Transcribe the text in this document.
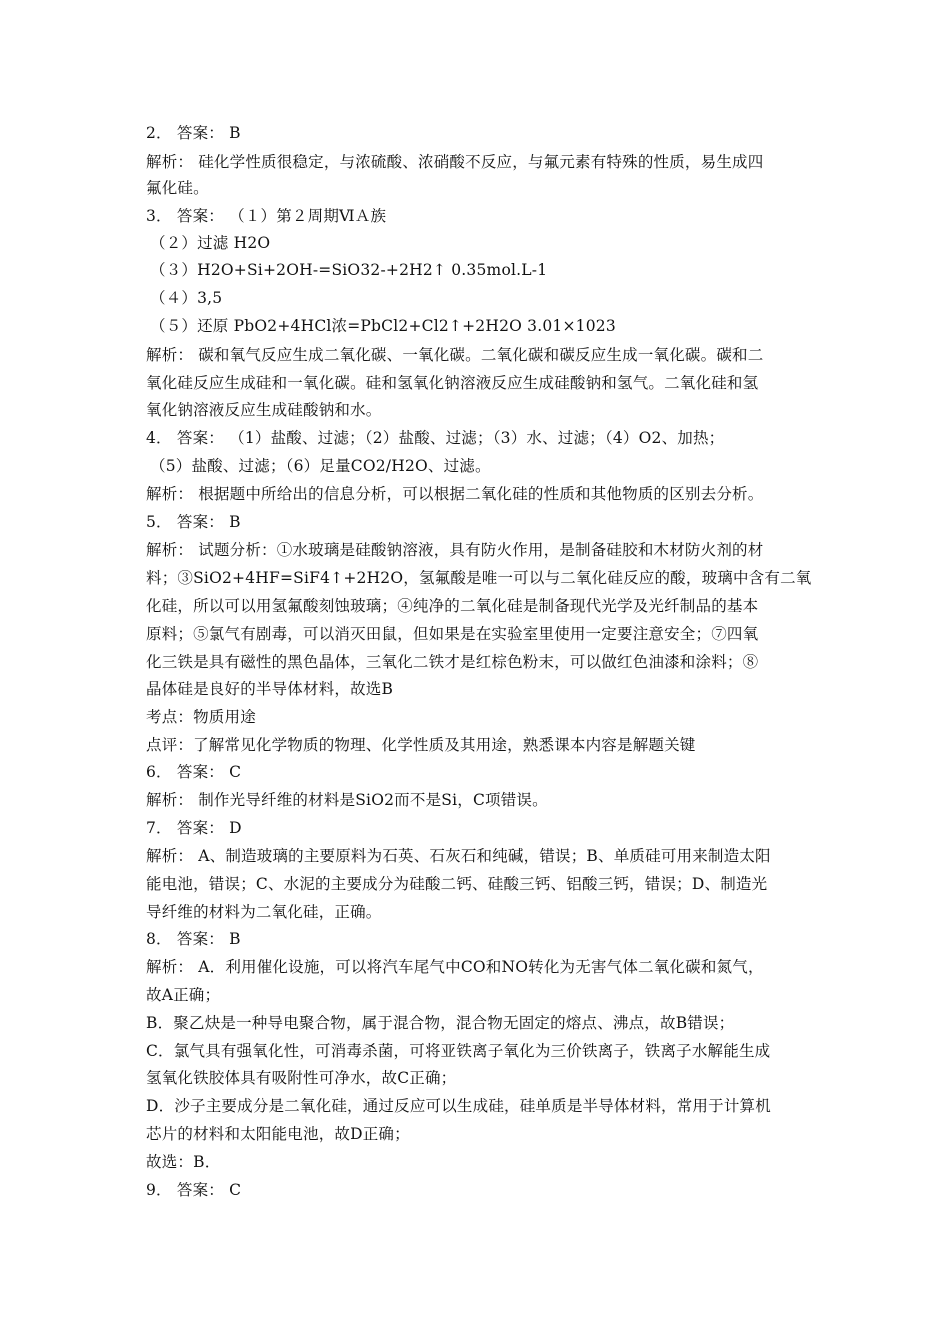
2． 答案： B
解析： 硅化学性质很稳定，与浓硫酸、浓硝酸不反应，与氟元素有特殊的性质，易生成四
氟化硅。
3． 答案： （１）第２周期ⅥＡ族
（２）过滤 H2O
（３）H2O+Si+2OH-=SiO32-+2H2↑ 0.35mol.L-1
（４）3,5
（５）还原 PbO2+4HCl浓=PbCl2+Cl2↑+2H2O 3.01×1023
解析： 碳和氧气反应生成二氧化碳、一氧化碳。二氧化碳和碳反应生成一氧化碳。碳和二
氧化硅反应生成硅和一氧化碳。硅和氢氧化钠溶液反应生成硅酸钠和氢气。二氧化硅和氢
氧化钠溶液反应生成硅酸钠和水。
4． 答案： （1）盐酸、过滤；（2）盐酸、过滤；（3）水、过滤；（4）O2、加热；
（5）盐酸、过滤；（6）足量CO2/H2O、过滤。
解析： 根据题中所给出的信息分析，可以根据二氧化硅的性质和其他物质的区别去分析。
5． 答案： B
解析： 试题分析：①水玻璃是硅酸钠溶液，具有防火作用，是制备硅胶和木材防火剂的材
料；③SiO2+4HF=SiF4↑+2H2O，氢氟酸是唯一可以与二氧化硅反应的酸，玻璃中含有二氧
化硅，所以可以用氢氟酸刻蚀玻璃；④纯净的二氧化硅是制备现代光学及光纤制品的基本
原料；⑤氯气有剧毒，可以消灭田鼠，但如果是在实验室里使用一定要注意安全；⑦四氧
化三铁是具有磁性的黑色晶体，三氧化二铁才是红棕色粉末，可以做红色油漆和涂料；⑧
晶体硅是良好的半导体材料，故选B
考点：物质用途
点评：了解常见化学物质的物理、化学性质及其用途，熟悉课本内容是解题关键
6． 答案： C
解析： 制作光导纤维的材料是SiO2而不是Si，C项错误。
7． 答案： D
解析： A、制造玻璃的主要原料为石英、石灰石和纯碱，错误；B、单质硅可用来制造太阳
能电池，错误；C、水泥的主要成分为硅酸二钙、硅酸三钙、铝酸三钙，错误；D、制造光
导纤维的材料为二氧化硅，正确。
8． 答案： B
解析： A．利用催化设施，可以将汽车尾气中CO和NO转化为无害气体二氧化碳和氮气，
故A正确；
B．聚乙炔是一种导电聚合物，属于混合物，混合物无固定的熔点、沸点，故B错误；
C．氯气具有强氧化性，可消毒杀菌，可将亚铁离子氧化为三价铁离子，铁离子水解能生成
氢氧化铁胶体具有吸附性可净水，故C正确；
D．沙子主要成分是二氧化硅，通过反应可以生成硅，硅单质是半导体材料，常用于计算机
芯片的材料和太阳能电池，故D正确；
故选：B．
9． 答案： C
